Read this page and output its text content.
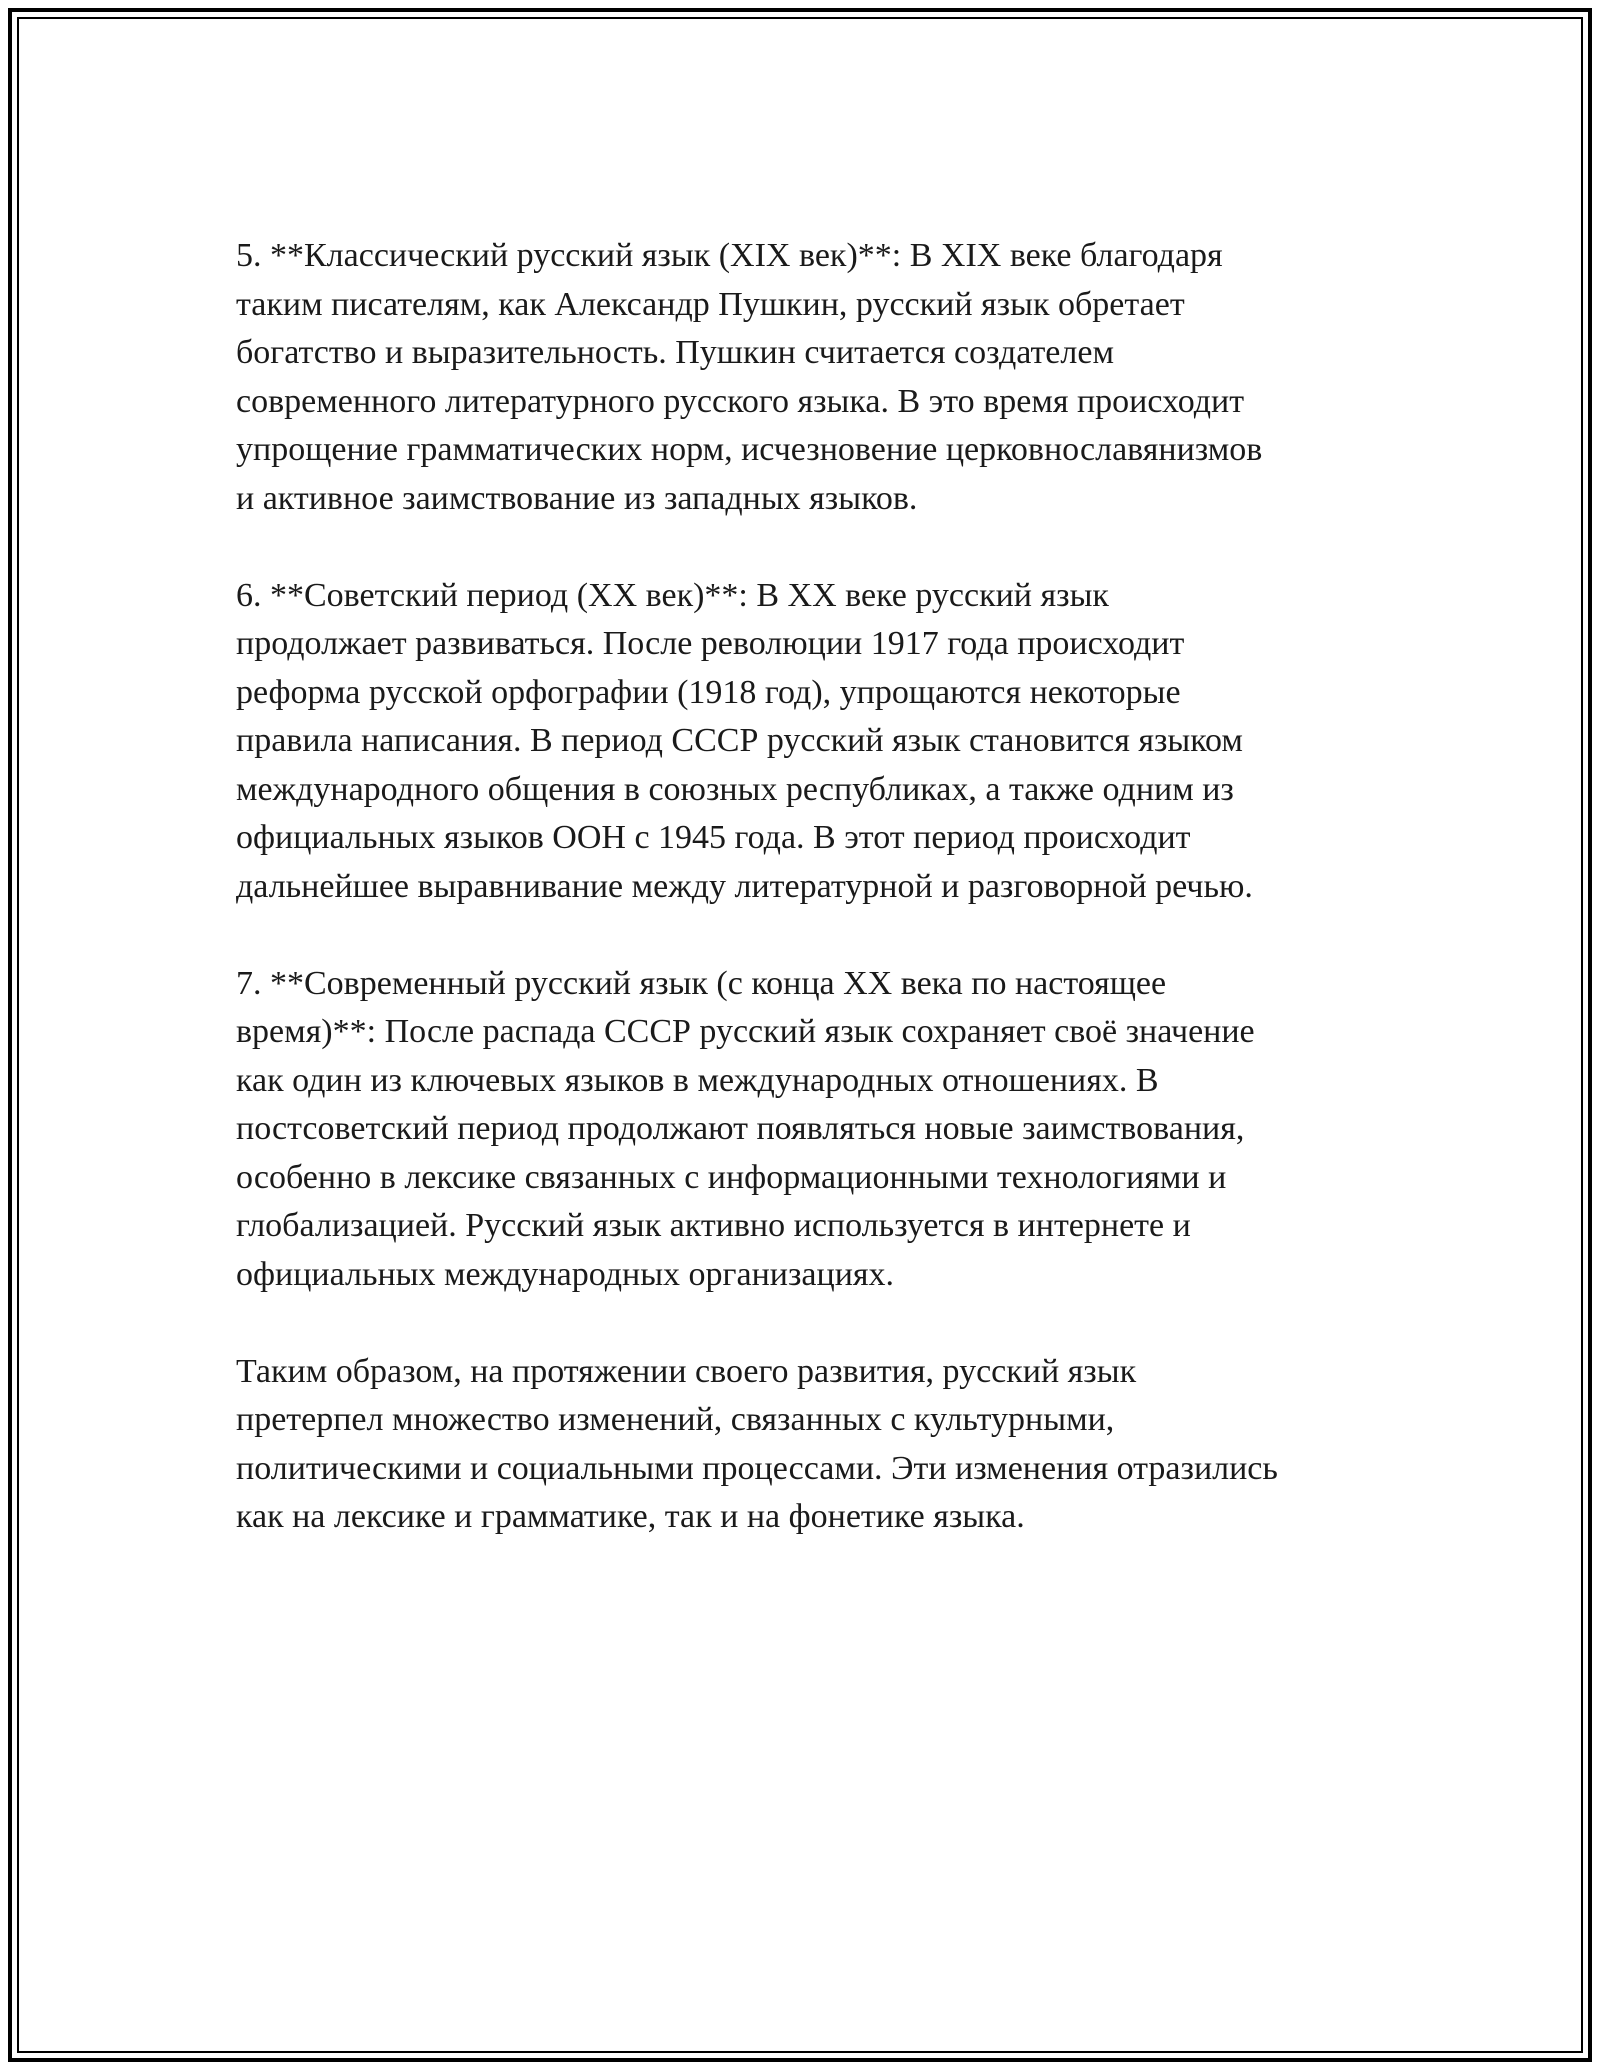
5. **Классический русский язык (XIX век)**: В XIX веке благодаря
таким писателям, как Александр Пушкин, русский язык обретает
богатство и выразительность. Пушкин считается создателем
современного литературного русского языка. В это время происходит
упрощение грамматических норм, исчезновение церковнославянизмов
и активное заимствование из западных языков.

6. **Советский период (XX век)**: В XX веке русский язык
продолжает развиваться. После революции 1917 года происходит
реформа русской орфографии (1918 год), упрощаются некоторые
правила написания. В период СССР русский язык становится языком
международного общения в союзных республиках, а также одним из
официальных языков ООН с 1945 года. В этот период происходит
дальнейшее выравнивание между литературной и разговорной речью.

7. **Современный русский язык (с конца XX века по настоящее
время)**: После распада СССР русский язык сохраняет своё значение
как один из ключевых языков в международных отношениях. В
постсоветский период продолжают появляться новые заимствования,
особенно в лексике связанных с информационными технологиями и
глобализацией. Русский язык активно используется в интернете и
официальных международных организациях.

Таким образом, на протяжении своего развития, русский язык
претерпел множество изменений, связанных с культурными,
политическими и социальными процессами. Эти изменения отразились
как на лексике и грамматике, так и на фонетике языка.
